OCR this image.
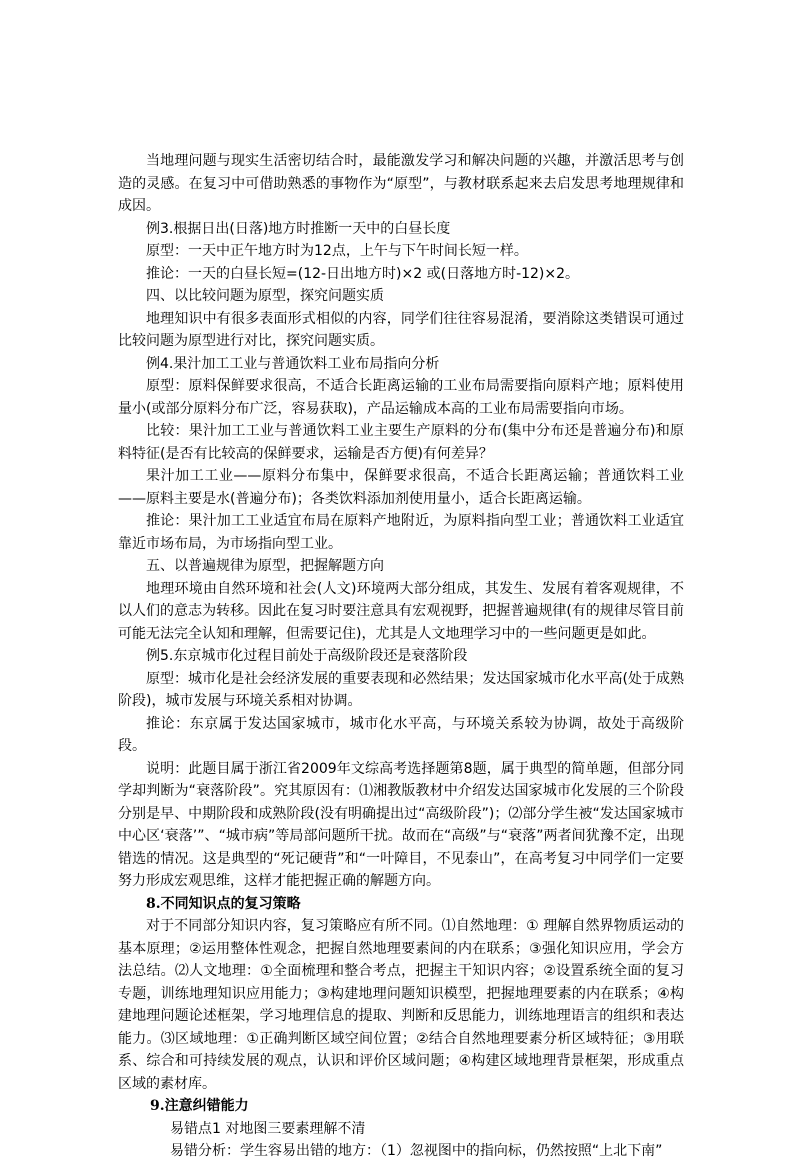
当地理问题与现实生活密切结合时，最能激发学习和解决问题的兴趣，并激活思考与创造的灵感。在复习中可借助熟悉的事物作为“原型”，与教材联系起来去启发思考地理规律和成因。

例3.根据日出(日落)地方时推断一天中的白昼长度

原型：一天中正午地方时为12点，上午与下午时间长短一样。

推论：一天的白昼长短=(12-日出地方时)×2 或(日落地方时-12)×2。

四、以比较问题为原型，探究问题实质

地理知识中有很多表面形式相似的内容，同学们往往容易混淆，要消除这类错误可通过比较问题为原型进行对比，探究问题实质。

例4.果汁加工工业与普通饮料工业布局指向分析

原型：原料保鲜要求很高，不适合长距离运输的工业布局需要指向原料产地；原料使用量小(或部分原料分布广泛，容易获取)，产品运输成本高的工业布局需要指向市场。

比较：果汁加工工业与普通饮料工业主要生产原料的分布(集中分布还是普遍分布)和原料特征(是否有比较高的保鲜要求，运输是否方便)有何差异？

果汁加工工业——原料分布集中，保鲜要求很高，不适合长距离运输；普通饮料工业——原料主要是水(普遍分布)；各类饮料添加剂使用量小，适合长距离运输。

推论：果汁加工工业适宜布局在原料产地附近，为原料指向型工业；普通饮料工业适宜靠近市场布局，为市场指向型工业。

五、以普遍规律为原型，把握解题方向

地理环境由自然环境和社会(人文)环境两大部分组成，其发生、发展有着客观规律，不以人们的意志为转移。因此在复习时要注意具有宏观视野，把握普遍规律(有的规律尽管目前可能无法完全认知和理解，但需要记住)，尤其是人文地理学习中的一些问题更是如此。

例5.东京城市化过程目前处于高级阶段还是衰落阶段

原型：城市化是社会经济发展的重要表现和必然结果；发达国家城市化水平高(处于成熟阶段)，城市发展与环境关系相对协调。

推论：东京属于发达国家城市，城市化水平高，与环境关系较为协调，故处于高级阶段。

说明：此题目属于浙江省2009年文综高考选择题第8题，属于典型的简单题，但部分同学却判断为“衰落阶段”。究其原因有：⑴湘教版教材中介绍发达国家城市化发展的三个阶段分别是早、中期阶段和成熟阶段(没有明确提出过“高级阶段”)；⑵部分学生被“发达国家城市中心区‘衰落’”、“城市病”等局部问题所干扰。故而在“高级”与“衰落”两者间犹豫不定，出现错选的情况。这是典型的“死记硬背”和“一叶障目，不见泰山”，在高考复习中同学们一定要努力形成宏观思维，这样才能把握正确的解题方向。

8.不同知识点的复习策略

对于不同部分知识内容，复习策略应有所不同。⑴自然地理：① 理解自然界物质运动的基本原理；②运用整体性观念，把握自然地理要素间的内在联系；③强化知识应用，学会方法总结。⑵人文地理：①全面梳理和整合考点，把握主干知识内容；②设置系统全面的复习专题，训练地理知识应用能力；③构建地理问题知识模型，把握地理要素的内在联系；④构建地理问题论述框架，学习地理信息的提取、判断和反思能力，训练地理语言的组织和表达能力。⑶区域地理：①正确判断区域空间位置；②结合自然地理要素分析区域特征；③用联系、综合和可持续发展的观点，认识和评价区域问题；④构建区域地理背景框架，形成重点区域的素材库。

9.注意纠错能力

易错点1 对地图三要素理解不清

易错分析：学生容易出错的地方：（1）忽视图中的指向标，仍然按照“上北下南”
